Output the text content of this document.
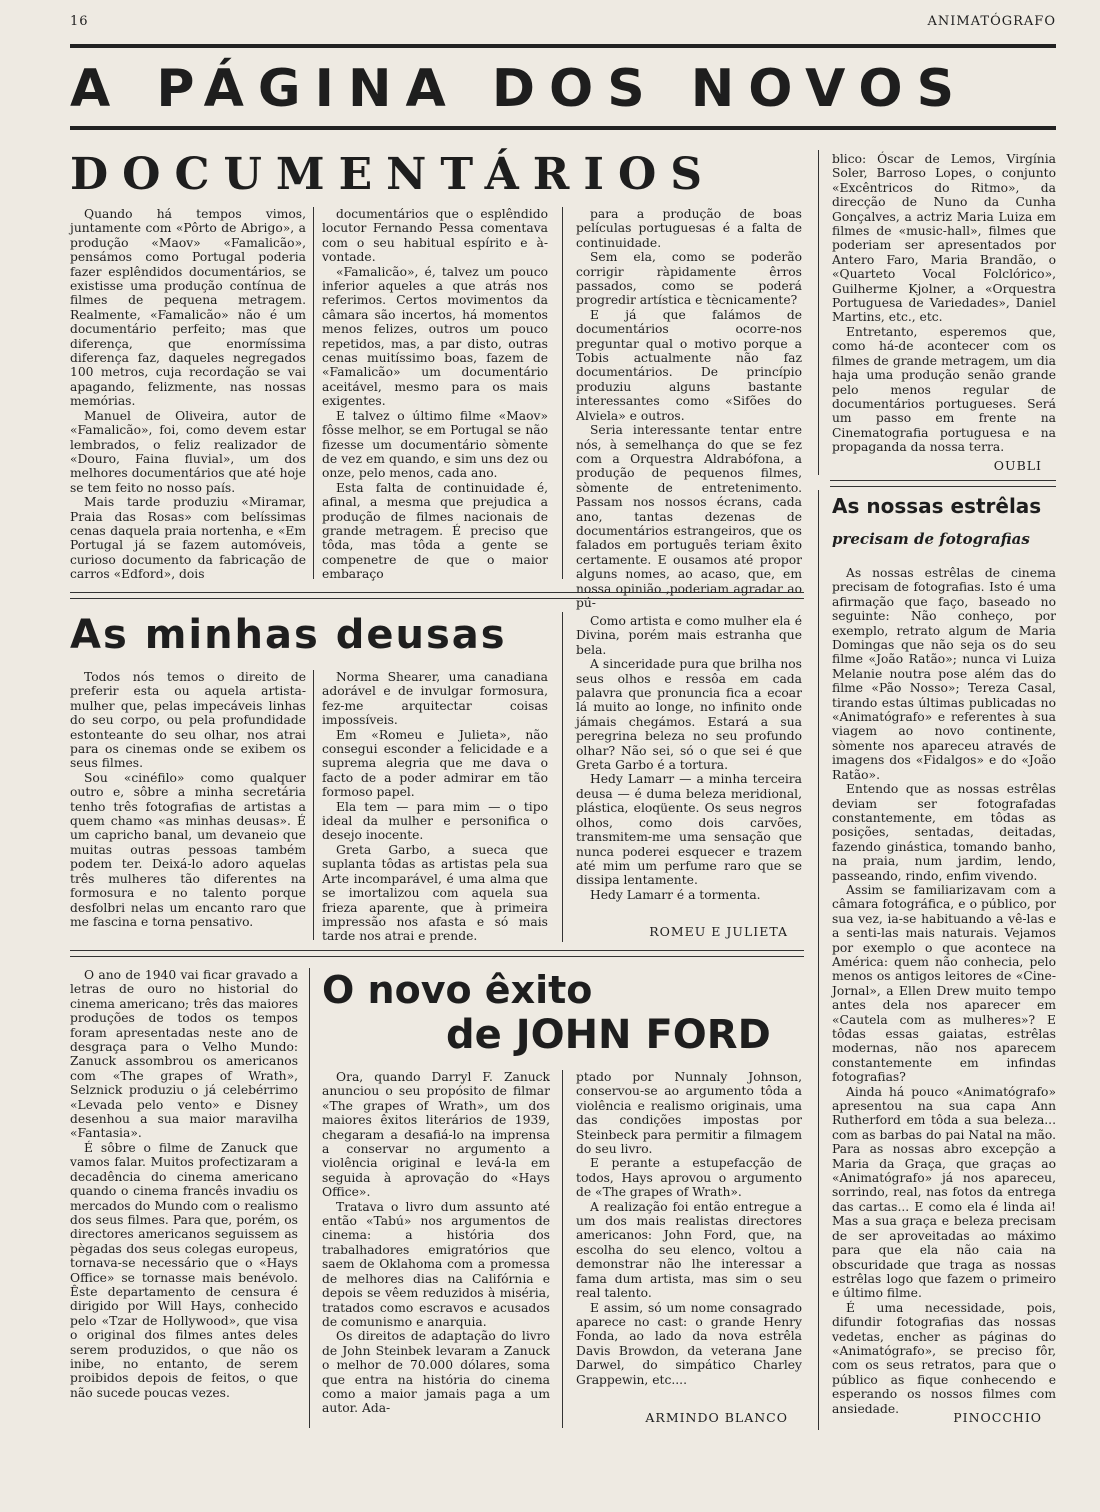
16	ANIMATÓGRAFO
A PÁGINA DOS NOVOS
DOCUMENTÁRIOS

Quando há tempos vimos, juntamente com «Pôrto de Abrigo», a produção «Maov» «Famalicão», pensámos como Portugal poderia fazer esplêndidos documentários, se existisse uma produção contínua de filmes de pequena metragem. Realmente, «Famalicão» não é um documentário perfeito; mas que diferença, que enormíssima diferença faz, daqueles negregados 100 metros, cuja recordação se vai apagando, felizmente, nas nossas memórias.

Manuel de Oliveira, autor de «Famalicão», foi, como devem estar lembrados, o feliz realizador de «Douro, Faina fluvial», um dos melhores documentários que até hoje se tem feito no nosso país.

Mais tarde produziu «Miramar, Praia das Rosas» com belíssimas cenas daquela praia nortenha, e «Em Portugal já se fazem automóveis, curioso documento da fabricação de carros «Edford», dois

documentários que o esplêndido locutor Fernando Pessa comentava com o seu habitual espírito e à-vontade.

«Famalicão», é, talvez um pouco inferior aqueles a que atrás nos referimos. Certos movimentos da câmara são incertos, há momentos menos felizes, outros um pouco repetidos, mas, a par disto, outras cenas muitíssimo boas, fazem de «Famalicão» um documentário aceitável, mesmo para os mais exigentes.

E talvez o último filme «Maov» fôsse melhor, se em Portugal se não fizesse um documentário sòmente de vez em quando, e sim uns dez ou onze, pelo menos, cada ano.

Esta falta de continuidade é, afinal, a mesma que prejudica a produção de filmes nacionais de grande metragem. É preciso que tôda, mas tôda a gente se compenetre de que o maior embaraço

para a produção de boas películas portuguesas é a falta de continuidade.

Sem ela, como se poderão corrigir ràpidamente êrros passados, como se poderá progredir artística e tècnicamente?

E já que falámos de documentários ocorre-nos preguntar qual o motivo porque a Tobis actualmente não faz documentários. De princípio produziu alguns bastante interessantes como «Sifões do Alviela» e outros.

Seria interessante tentar entre nós, à semelhança do que se fez com a Orquestra Aldrabófona, a produção de pequenos filmes, sòmente de entretenimento. Passam nos nossos écrans, cada ano, tantas dezenas de documentários estrangeiros, que os falados em português teriam êxito certamente. E ousamos até propor alguns nomes, ao acaso, que, em nossa opinião ,poderiam agradar ao pú-

blico: Óscar de Lemos, Virgínia Soler, Barroso Lopes, o conjunto «Excêntricos do Ritmo», da direcção de Nuno da Cunha Gonçalves, a actriz Maria Luiza em filmes de «music-hall», filmes que poderiam ser apresentados por Antero Faro, Maria Brandão, o «Quarteto Vocal Folclórico», Guilherme Kjolner, a «Orquestra Portuguesa de Variedades», Daniel Martins, etc., etc.

Entretanto, esperemos que, como há-de acontecer com os filmes de grande metragem, um dia haja uma produção senão grande pelo menos regular de documentários portugueses. Será um passo em frente na Cinematografia portuguesa e na propaganda da nossa terra.

OUBLI
As nossas estrêlas
precisam de fotografias

As nossas estrêlas de cinema precisam de fotografias. Isto é uma afirmação que faço, baseado no seguinte: Não conheço, por exemplo, retrato algum de Maria Domingas que não seja os do seu filme «João Ratão»; nunca vi Luiza Melanie noutra pose além das do filme «Pão Nosso»; Tereza Casal, tirando estas últimas publicadas no «Animatógrafo» e referentes à sua viagem ao novo continente, sòmente nos apareceu através de imagens dos «Fidalgos» e do «João Ratão».

Entendo que as nossas estrêlas deviam ser fotografadas constantemente, em tôdas as posições, sentadas, deitadas, fazendo ginástica, tomando banho, na praia, num jardim, lendo, passeando, rindo, enfim vivendo.

Assim se familiarizavam com a câmara fotográfica, e o público, por sua vez, ia-se habituando a vê-las e a senti-las mais naturais. Vejamos por exemplo o que acontece na América: quem não conhecia, pelo menos os antigos leitores de «Cine-Jornal», a Ellen Drew muito tempo antes dela nos aparecer em «Cautela com as mulheres»? E tôdas essas gaiatas, estrêlas modernas, não nos aparecem constantemente em infindas fotografias?

Ainda há pouco «Animatógrafo» apresentou na sua capa Ann Rutherford em tôda a sua beleza... com as barbas do pai Natal na mão. Para as nossas abro excepção a Maria da Graça, que graças ao «Animatógrafo» já nos apareceu, sorrindo, real, nas fotos da entrega das cartas... E como ela é linda ai! Mas a sua graça e beleza precisam de ser aproveitadas ao máximo para que ela não caia na obscuridade que traga as nossas estrêlas logo que fazem o primeiro e último filme.

É uma necessidade, pois, difundir fotografias das nossas vedetas, encher as páginas do «Animatógrafo», se preciso fôr, com os seus retratos, para que o público as fique conhecendo e esperando os nossos filmes com ansiedade.

PINOCCHIO
As minhas deusas

Todos nós temos o direito de preferir esta ou aquela artista-mulher que, pelas impecáveis linhas do seu corpo, ou pela profundidade estonteante do seu olhar, nos atrai para os cinemas onde se exibem os seus filmes.

Sou «cinéfilo» como qualquer outro e, sôbre a minha secretária tenho três fotografias de artistas a quem chamo «as minhas deusas». É um capricho banal, um devaneio que muitas outras pessoas também podem ter. Deixá-lo adoro aquelas três mulheres tão diferentes na formosura e no talento porque desfolbri nelas um encanto raro que me fascina e torna pensativo.

Norma Shearer, uma canadiana adorável e de invulgar formosura, fez-me arquitectar coisas impossíveis.

Em «Romeu e Julieta», não consegui esconder a felicidade e a suprema alegria que me dava o facto de a poder admirar em tão formoso papel.

Ela tem — para mim — o tipo ideal da mulher e personifica o desejo inocente.

Greta Garbo, a sueca que suplanta tôdas as artistas pela sua Arte incomparável, é uma alma que se imortalizou com aquela sua frieza aparente, que à primeira impressão nos afasta e só mais tarde nos atrai e prende.

Como artista e como mulher ela é Divina, porém mais estranha que bela.

A sinceridade pura que brilha nos seus olhos e ressôa em cada palavra que pronuncia fica a ecoar lá muito ao longe, no infinito onde jámais chegámos. Estará a sua peregrina beleza no seu profundo olhar? Não sei, só o que sei é que Greta Garbo é a tortura.

Hedy Lamarr — a minha terceira deusa — é duma beleza meridional, plástica, eloqüente. Os seus negros olhos, como dois carvões, transmitem-me uma sensação que nunca poderei esquecer e trazem até mim um perfume raro que se dissipa lentamente.

Hedy Lamarr é a tormenta.

ROMEU E JULIETA

O ano de 1940 vai ficar gravado a letras de ouro no historial do cinema americano; três das maiores produções de todos os tempos foram apresentadas neste ano de desgraça para o Velho Mundo: Zanuck assombrou os americanos com «The grapes of Wrath», Selznick produziu o já celebérrimo «Levada pelo vento» e Disney desenhou a sua maior maravilha «Fantasia».

É sôbre o filme de Zanuck que vamos falar. Muitos profectizaram a decadência do cinema americano quando o cinema francês invadiu os mercados do Mundo com o realismo dos seus filmes. Para que, porém, os directores americanos seguissem as pègadas dos seus colegas europeus, tornava-se necessário que o «Hays Office» se tornasse mais benévolo. Êste departamento de censura é dirigido por Will Hays, conhecido pelo «Tzar de Hollywood», que visa o original dos filmes antes deles serem produzidos, o que não os inibe, no entanto, de serem proibidos depois de feitos, o que não sucede poucas vezes.

O novo êxito
de JOHN FORD

Ora, quando Darryl F. Zanuck anunciou o seu propósito de filmar «The grapes of Wrath», um dos maiores êxitos literários de 1939, chegaram a desafiá-lo na imprensa a conservar no argumento a violência original e levá-la em seguida à aprovação do «Hays Office».

Tratava o livro dum assunto até então «Tabú» nos argumentos de cinema: a história dos trabalhadores emigratórios que saem de Oklahoma com a promessa de melhores dias na Califórnia e depois se vêem reduzidos à miséria, tratados como escravos e acusados de comunismo e anarquia.

Os direitos de adaptação do livro de John Steinbek levaram a Zanuck o melhor de 70.000 dólares, soma que entra na história do cinema como a maior jamais paga a um autor. Ada-

ptado por Nunnaly Johnson, conservou-se ao argumento tôda a violência e realismo originais, uma das condições impostas por Steinbeck para permitir a filmagem do seu livro.

E perante a estupefacção de todos, Hays aprovou o argumento de «The grapes of Wrath».

A realização foi então entregue a um dos mais realistas directores americanos: John Ford, que, na escolha do seu elenco, voltou a demonstrar não lhe interessar a fama dum artista, mas sim o seu real talento.

E assim, só um nome consagrado aparece no cast: o grande Henry Fonda, ao lado da nova estrêla Davis Browdon, da veterana Jane Darwel, do simpático Charley Grappewin, etc....

ARMINDO BLANCO
